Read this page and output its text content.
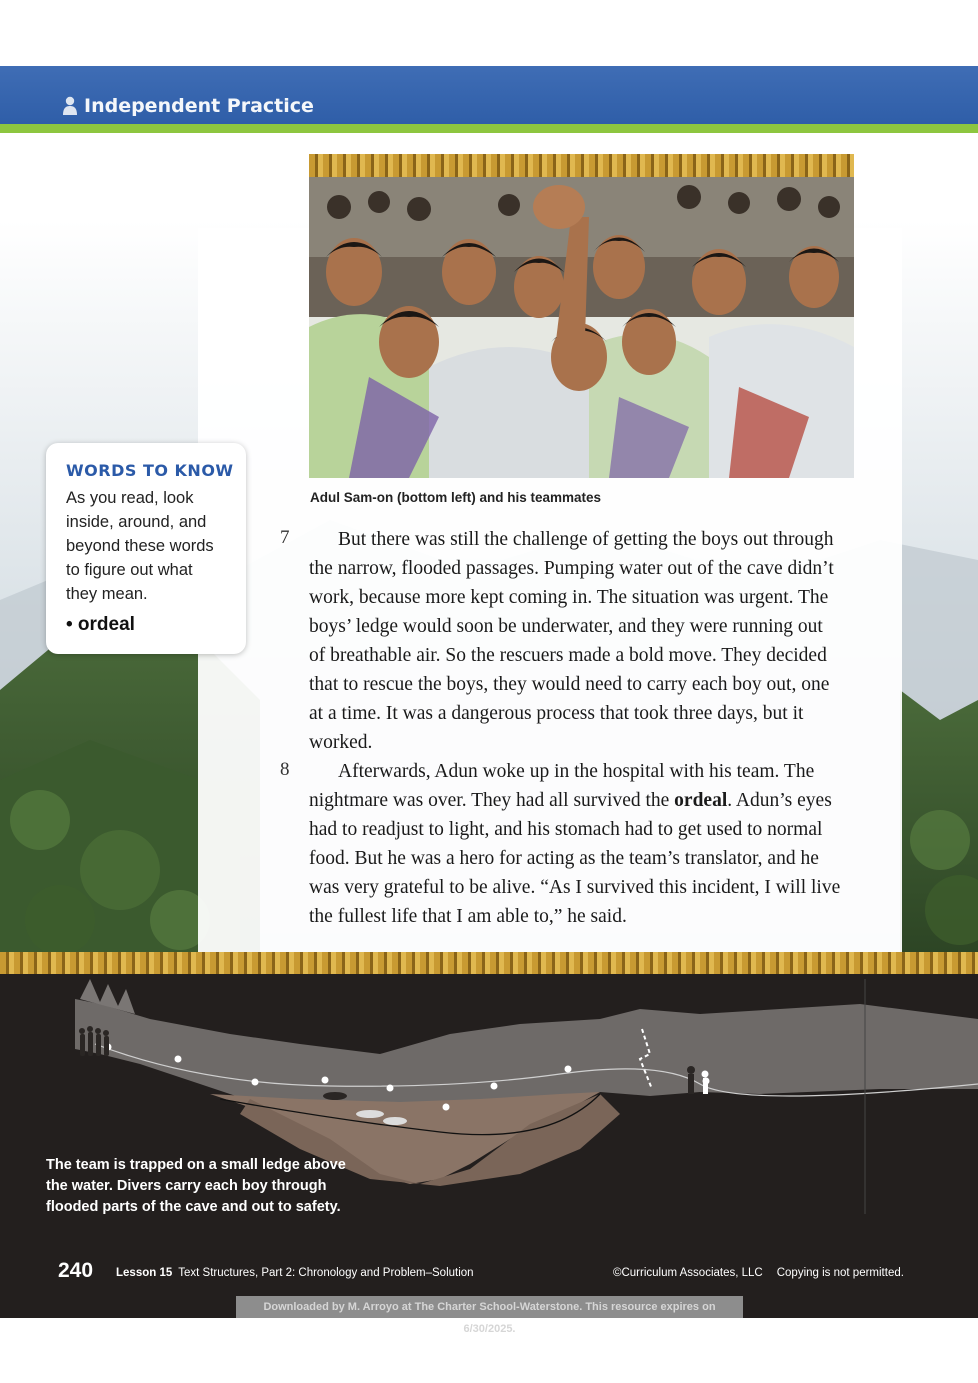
Independent Practice
Adul Sam-on (bottom left) and his teammates
WORDS TO KNOW
As you read, look
inside, around, and
beyond these words
to figure out what
they mean.
• ordeal
7	But there was still the challenge of getting the boys out through
the narrow, flooded passages. Pumping water out of the cave didn’t
work, because more kept coming in. The situation was urgent. The
boys’ ledge would soon be underwater, and they were running out
of breathable air. So the rescuers made a bold move. They decided
that to rescue the boys, they would need to carry each boy out, one
at a time. It was a dangerous process that took three days, but it
worked.
8	Afterwards, Adun woke up in the hospital with his team. The
nightmare was over. They had all survived the ordeal. Adun’s eyes
had to readjust to light, and his stomach had to get used to normal
food. But he was a hero for acting as the team’s translator, and he
was very grateful to be alive. “As I survived this incident, I will live
the fullest life that I am able to,” he said.
The team is trapped on a small ledge above the water. Divers carry each boy through flooded parts of the cave and out to safety.
240 Lesson 15 Text Structures, Part 2: Chronology and Problem–Solution	©Curriculum Associates, LLC Copying is not permitted.
Downloaded by M. Arroyo at The Charter School-Waterstone. This resource expires on 6/30/2025.
